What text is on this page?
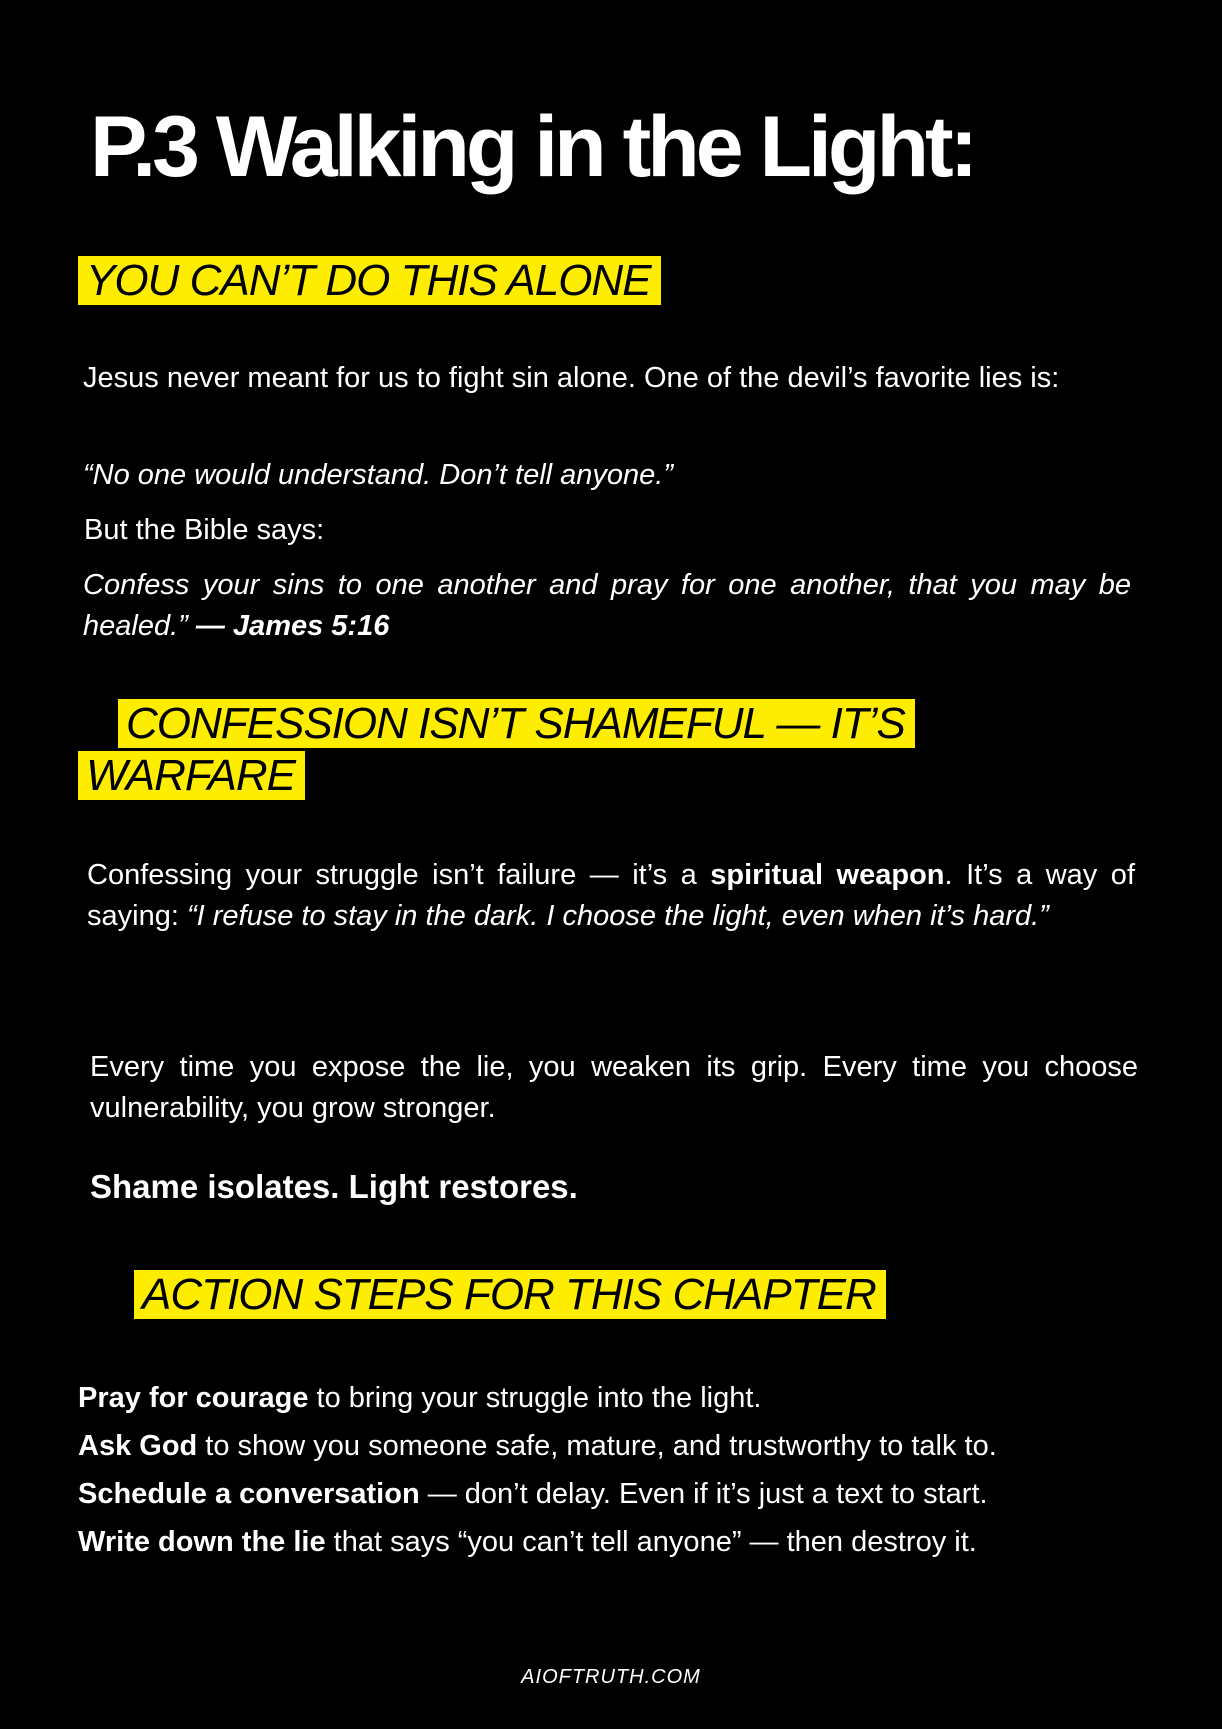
P.3 Walking in the Light:
YOU CAN’T DO THIS ALONE

Jesus never meant for us to fight sin alone. One of the devil’s favorite lies is:

“No one would understand. Don’t tell anyone.”

But the Bible says:

Confess your sins to one another and pray for one another, that you may be healed.” — James 5:16

CONFESSION ISN’T SHAMEFUL — IT’S WARFARE

Confessing your struggle isn’t failure — it’s a spiritual weapon. It’s a way of saying: “I refuse to stay in the dark. I choose the light, even when it’s hard.”

Every time you expose the lie, you weaken its grip. Every time you choose vulnerability, you grow stronger.

Shame isolates. Light restores.

ACTION STEPS FOR THIS CHAPTER
Pray for courage to bring your struggle into the light.
Ask God to show you someone safe, mature, and trustworthy to talk to.
Schedule a conversation — don’t delay. Even if it’s just a text to start.
Write down the lie that says “you can’t tell anyone” — then destroy it.
AIOFTRUTH.COM
